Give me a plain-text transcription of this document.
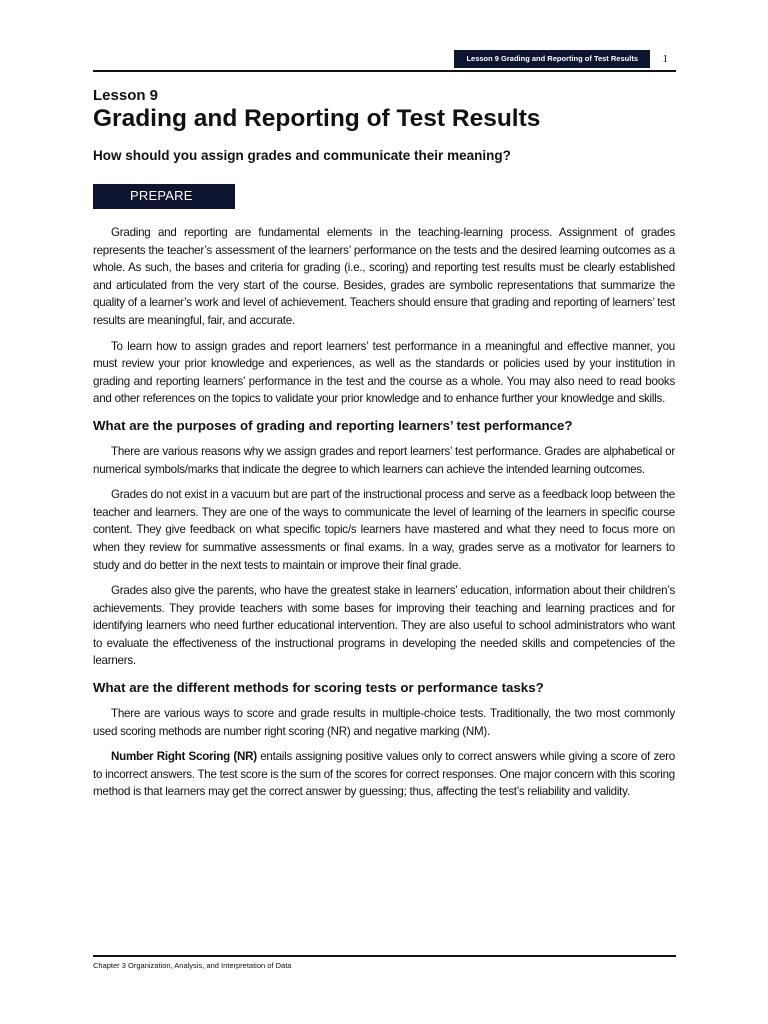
Lesson 9 Grading and Reporting of Test Results	1
Lesson 9
Grading and Reporting of Test Results
How should you assign grades and communicate their meaning?
PREPARE

Grading and reporting are fundamental elements in the teaching-learning process. Assignment of grades represents the teacher’s assessment of the learners’ performance on the tests and the desired learning outcomes as a whole. As such, the bases and criteria for grading (i.e., scoring) and reporting test results must be clearly established and articulated from the very start of the course. Besides, grades are symbolic representations that summarize the quality of a learner’s work and level of achievement. Teachers should ensure that grading and reporting of learners’ test results are meaningful, fair, and accurate.

To learn how to assign grades and report learners’ test performance in a meaningful and effective manner, you must review your prior knowledge and experiences, as well as the standards or policies used by your institution in grading and reporting learners’ performance in the test and the course as a whole. You may also need to read books and other references on the topics to validate your prior knowledge and to enhance further your knowledge and skills.

What are the purposes of grading and reporting learners’ test performance?

There are various reasons why we assign grades and report learners’ test performance. Grades are alphabetical or numerical symbols/marks that indicate the degree to which learners can achieve the intended learning outcomes.

Grades do not exist in a vacuum but are part of the instructional process and serve as a feedback loop between the teacher and learners. They are one of the ways to communicate the level of learning of the learners in specific course content. They give feedback on what specific topic/s learners have mastered and what they need to focus more on when they review for summative assessments or final exams. In a way, grades serve as a motivator for learners to study and do better in the next tests to maintain or improve their final grade.

Grades also give the parents, who have the greatest stake in learners’ education, information about their children’s achievements. They provide teachers with some bases for improving their teaching and learning practices and for identifying learners who need further educational intervention. They are also useful to school administrators who want to evaluate the effectiveness of the instructional programs in developing the needed skills and competencies of the learners.

What are the different methods for scoring tests or performance tasks?

There are various ways to score and grade results in multiple-choice tests. Traditionally, the two most commonly used scoring methods are number right scoring (NR) and negative marking (NM).

Number Right Scoring (NR) entails assigning positive values only to correct answers while giving a score of zero to incorrect answers. The test score is the sum of the scores for correct responses. One major concern with this scoring method is that learners may get the correct answer by guessing; thus, affecting the test’s reliability and validity.

Chapter 3 Organization, Analysis, and Interpretation of Data
